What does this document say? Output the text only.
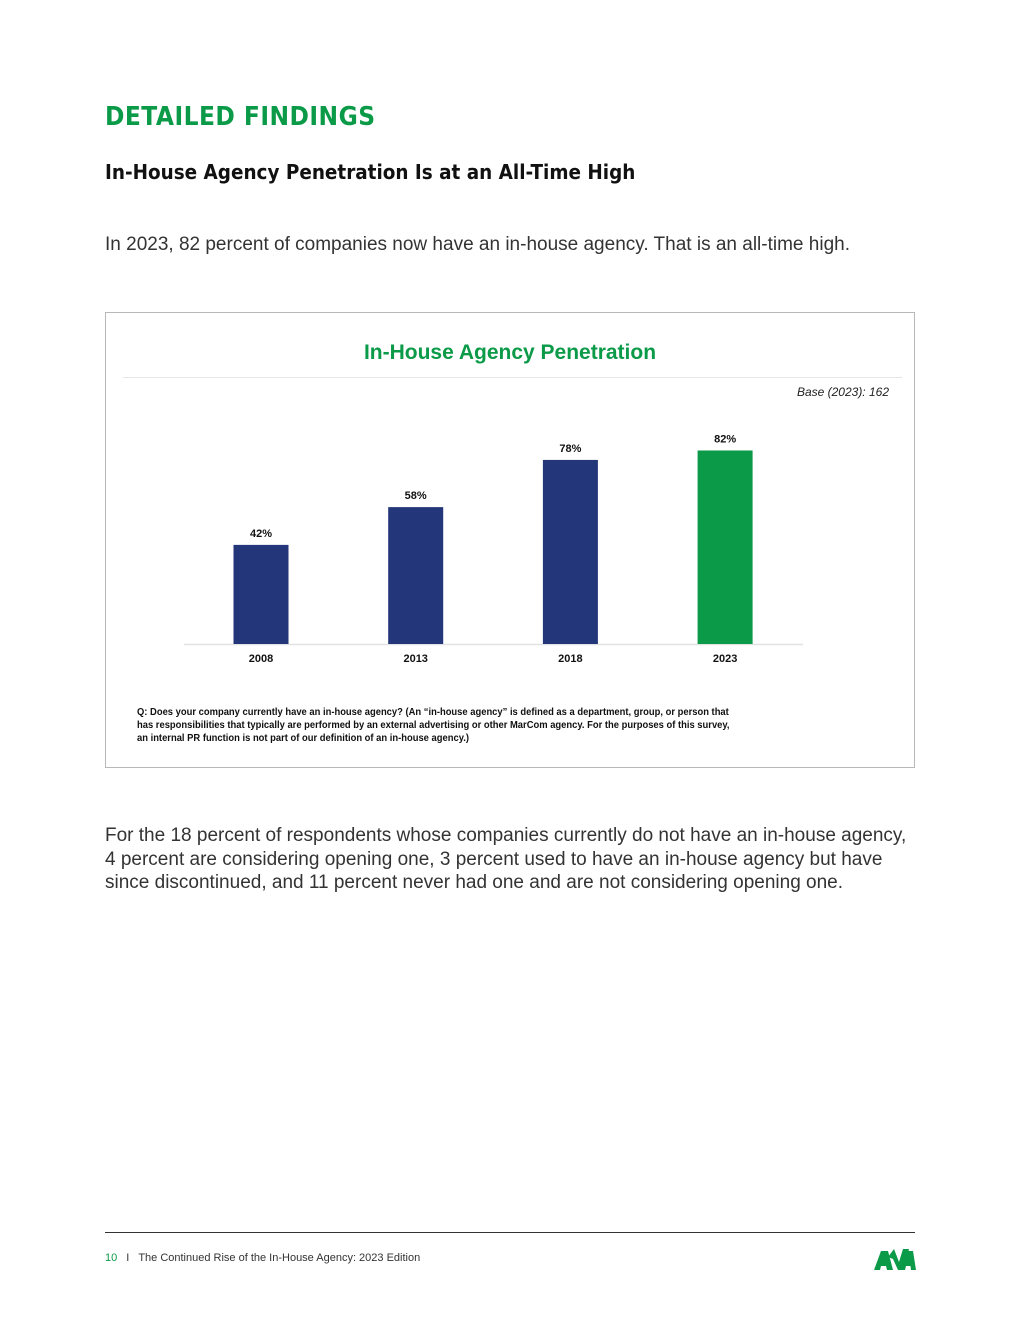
DETAILED FINDINGS
In-House Agency Penetration Is at an All-Time High

In 2023, 82 percent of companies now have an in-house agency. That is an all-time high.

In-House Agency Penetration
Base (2023): 162
42%
2008
58%
2013
78%
2018
82%
2023

Q: Does your company currently have an in-house agency? (An “in-house agency” is defined as a department, group, or person that has responsibilities that typically are performed by an external advertising or other MarCom agency. For the purposes of this survey, an internal PR function is not part of our definition of an in-house agency.)

For the 18 percent of respondents whose companies currently do not have an in-house agency, 4 percent are considering opening one, 3 percent used to have an in-house agency but have since discontinued, and 11 percent never had one and are not considering opening one.

10 I The Continued Rise of the In-House Agency: 2023 Edition
